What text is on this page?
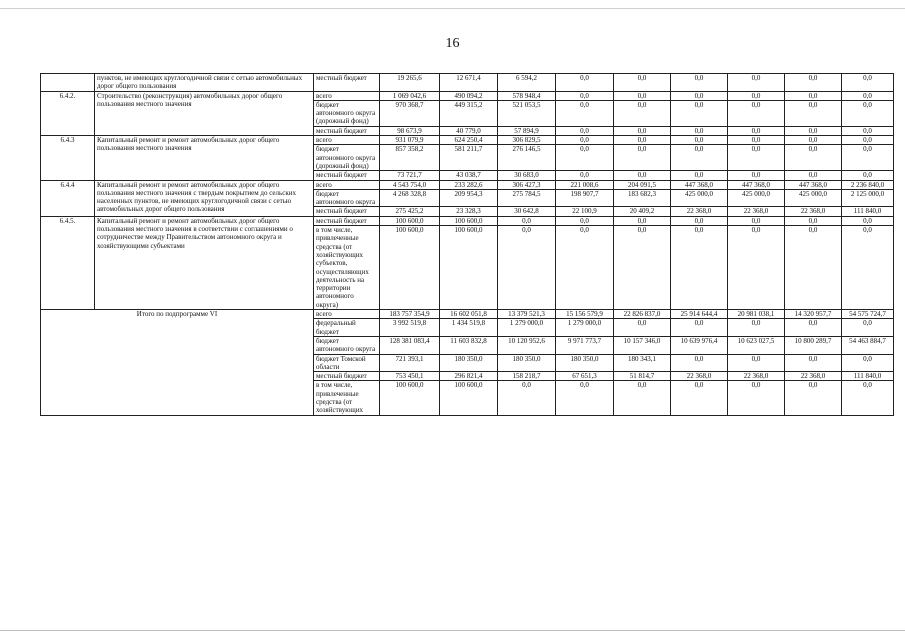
16
	пунктов, не имеющих круглогодичной связи с сетью автомобильных дорог общего пользования	местный бюджет	19 265,6	12 671,4	6 594,2	0,0	0,0	0,0	0,0	0,0	0,0
6.4.2.	Строительство (реконструкция) автомобильных дорог общего пользования местного значения	всего	1 069 042,6	490 094,2	578 948,4	0,0	0,0	0,0	0,0	0,0	0,0
		бюджет автономного округа (дорожный фонд)	970 368,7	449 315,2	521 053,5	0,0	0,0	0,0	0,0	0,0	0,0
		местный бюджет	98 673,9	40 779,0	57 894,9	0,0	0,0	0,0	0,0	0,0	0,0
6.4.3	Капитальный ремонт и ремонт автомобильных дорог общего пользования местного значения	всего	931 079,9	624 250,4	306 829,5	0,0	0,0	0,0	0,0	0,0	0,0
		бюджет автономного округа (дорожный фонд)	857 358,2	581 211,7	276 146,5	0,0	0,0	0,0	0,0	0,0	0,0
		местный бюджет	73 721,7	43 038,7	30 683,0	0,0	0,0	0,0	0,0	0,0	0,0
6.4.4	Капитальный ремонт и ремонт автомобильных дорог общего пользования местного значения с твердым покрытием до сельских населенных пунктов, не имеющих круглогодичной связи с сетью автомобильных дорог общего пользования	всего	4 543 754,0	233 282,6	306 427,3	221 008,6	204 091,5	447 368,0	447 368,0	447 368,0	2 236 840,0
		бюджет автономного округа	4 268 328,8	209 954,3	275 784,5	198 907,7	183 682,3	425 000,0	425 000,0	425 000,0	2 125 000,0
		местный бюджет	275 425,2	23 328,3	30 642,8	22 100,9	20 409,2	22 368,0	22 368,0	22 368,0	111 840,0
6.4.5.	Капитальный ремонт и ремонт автомобильных дорог общего пользования местного значения в соответствии с соглашениями о сотрудничестве между Правительством автономного округа и хозяйствующими субъектами	местный бюджет	100 600,0	100 600,0	0,0	0,0	0,0	0,0	0,0	0,0	0,0
		в том числе, привлеченные средства (от хозяйствующих субъектов, осуществляющих деятельность на территории автономного округа)	100 600,0	100 600,0	0,0	0,0	0,0	0,0	0,0	0,0	0,0
Итого по подпрограмме VI		всего	183 757 354,9	16 602 051,8	13 379 521,3	15 156 579,9	22 826 837,0	25 914 644,4	20 981 038,1	14 320 957,7	54 575 724,7
		федеральный бюджет	3 992 519,8	1 434 519,8	1 279 000,0	1 279 000,0	0,0	0,0	0,0	0,0	0,0
		бюджет автономного округа	128 381 083,4	11 603 832,8	10 120 952,6	9 971 773,7	10 157 346,0	10 639 976,4	10 623 027,5	10 800 289,7	54 463 884,7
		бюджет Томской области	721 393,1	180 350,0	180 350,0	180 350,0	180 343,1	0,0	0,0	0,0	0,0
		местный бюджет	753 450,1	296 821,4	158 218,7	67 651,3	51 814,7	22 368,0	22 368,0	22 368,0	111 840,0
		в том числе, привлеченные средства (от хозяйствующих	100 600,0	100 600,0	0,0	0,0	0,0	0,0	0,0	0,0	0,0
